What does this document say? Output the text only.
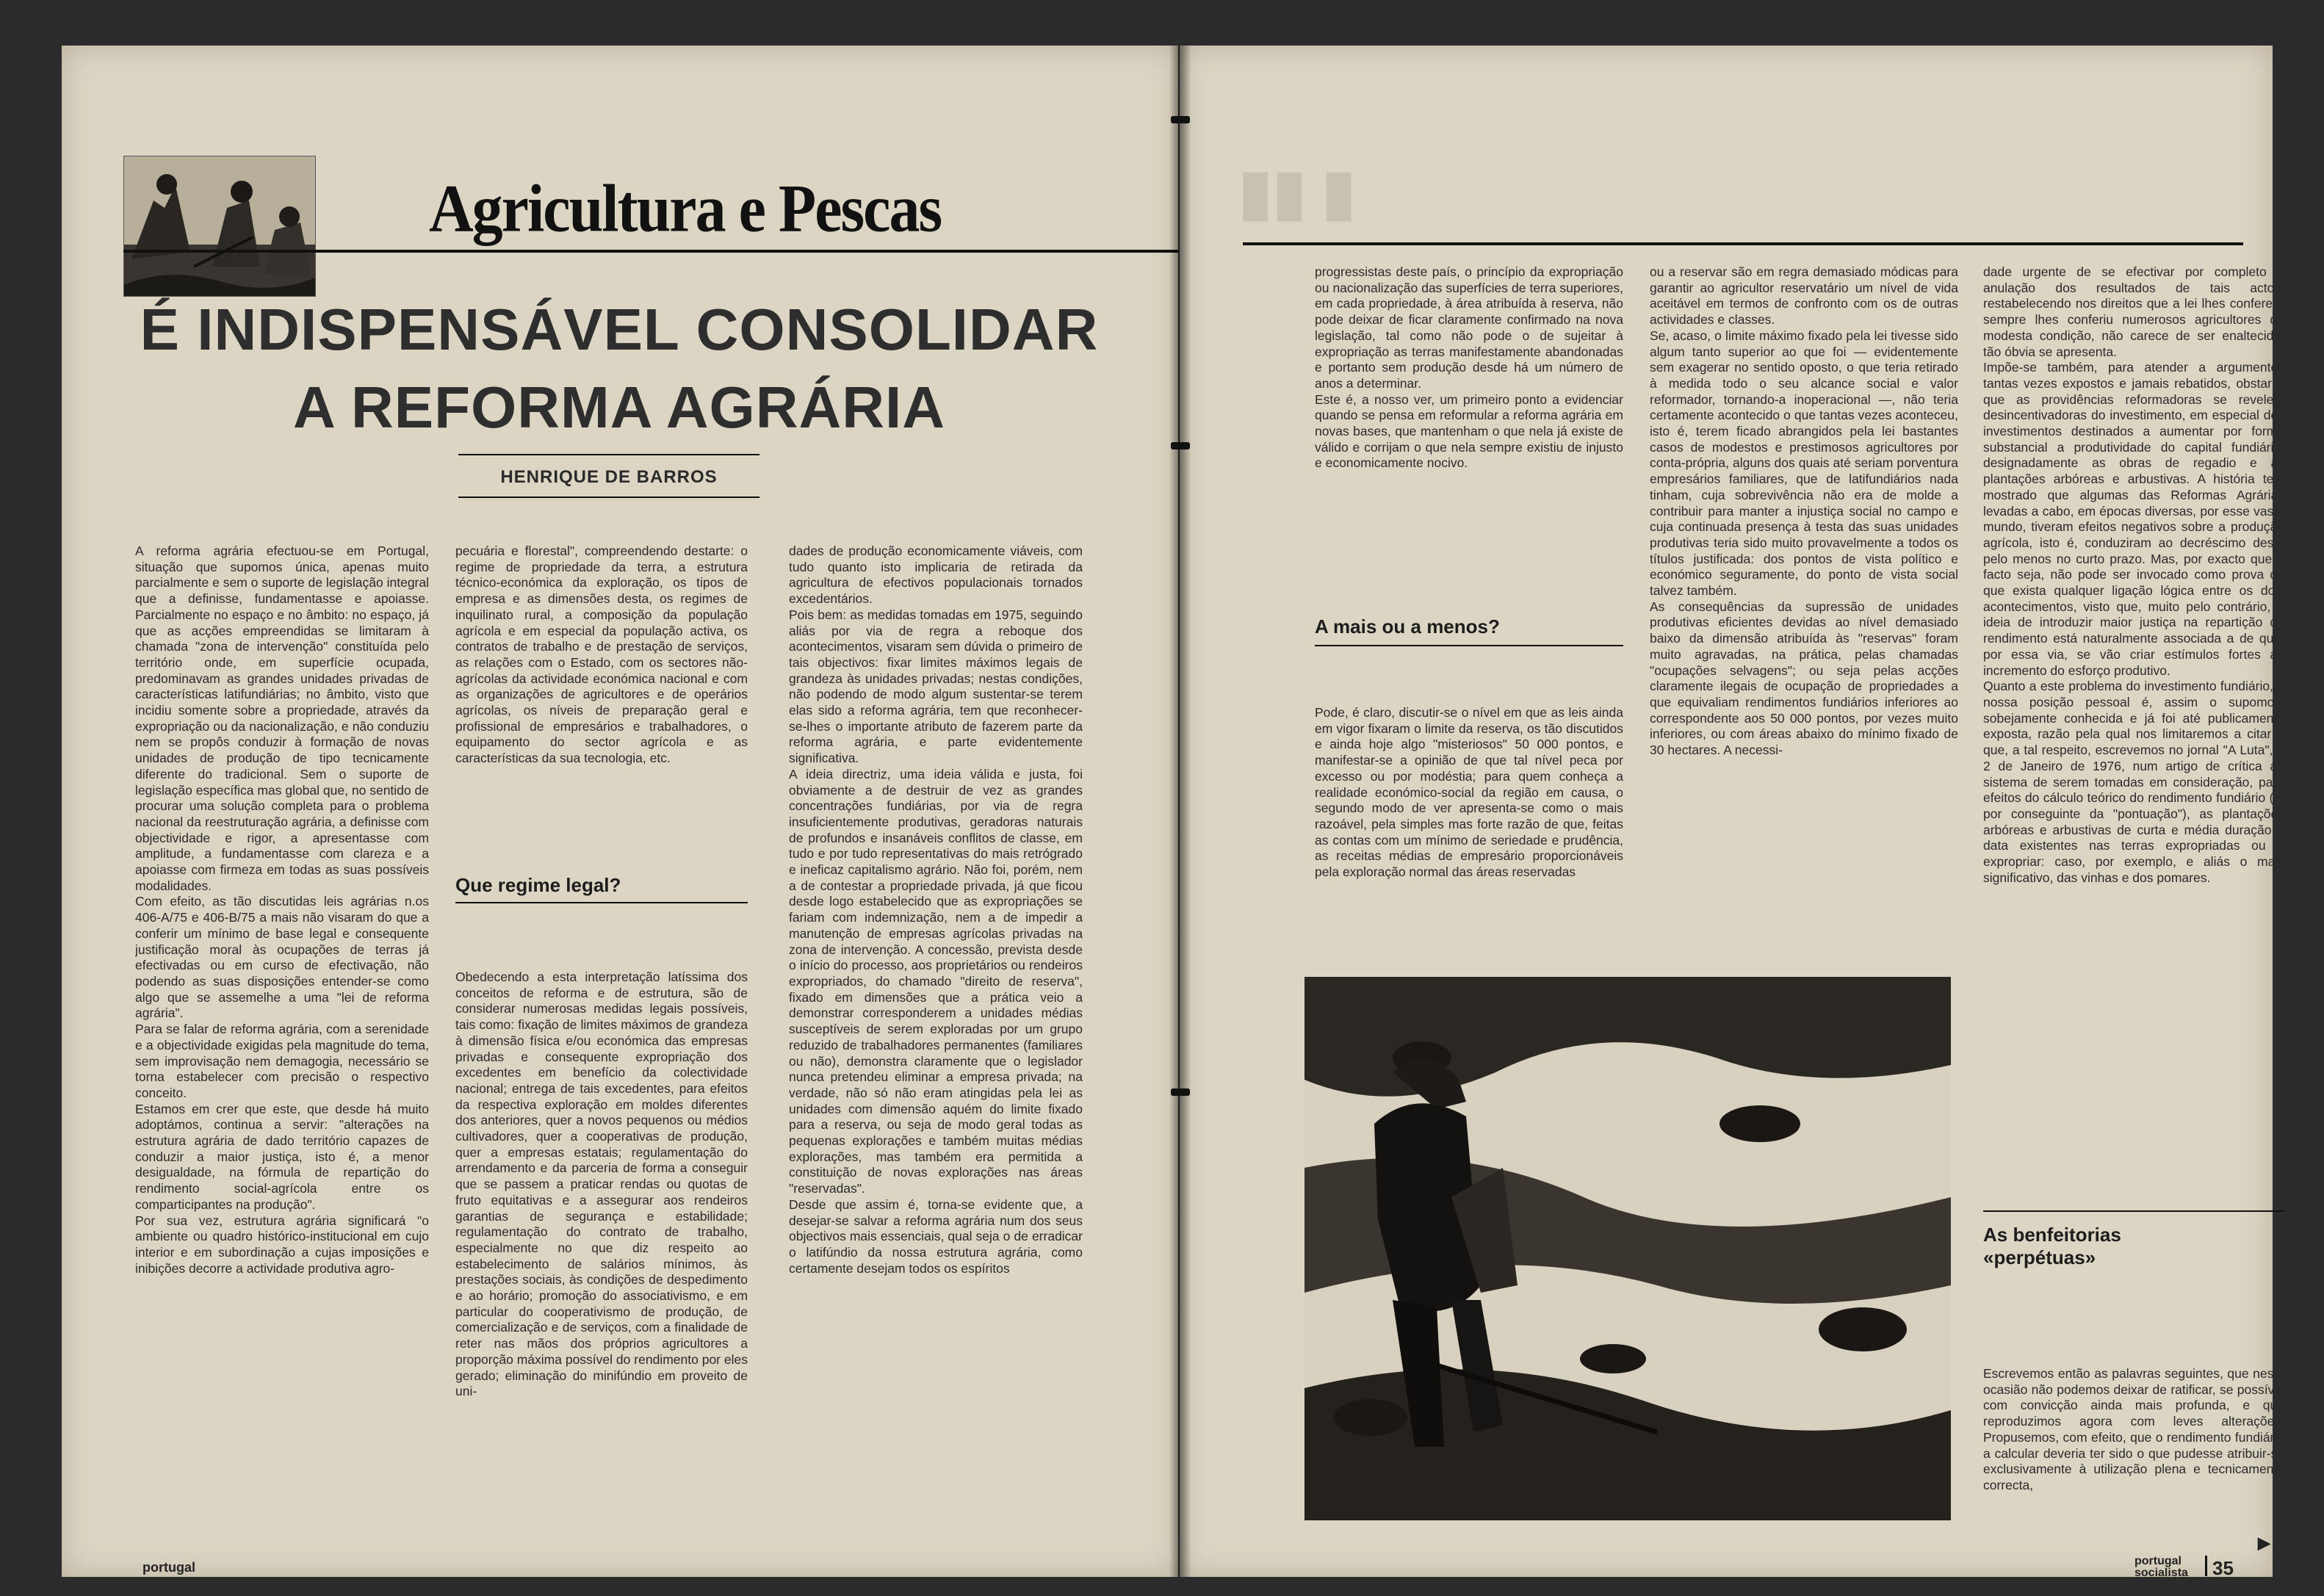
Agricultura e Pescas
É INDISPENSÁVEL CONSOLIDAR
A REFORMA AGRÁRIA
HENRIQUE DE BARROS
A reforma agrária efectuou-se em Portugal, situação que supomos única, apenas muito parcialmente e sem o suporte de legislação integral que a definisse, fundamentasse e apoiasse. Parcialmente no espaço e no âmbito: no espaço, já que as acções empreendidas se limitaram à chamada "zona de intervenção" constituída pelo território onde, em superfície ocupada, predominavam as grandes unidades privadas de características latifundiárias; no âmbito, visto que incidiu somente sobre a propriedade, através da expropriação ou da nacionalização, e não conduziu nem se propôs conduzir à formação de novas unidades de produção de tipo tecnicamente diferente do tradicional. Sem o suporte de legislação específica mas global que, no sentido de procurar uma solução completa para o problema nacional da reestruturação agrária, a definisse com objectividade e rigor, a apresentasse com amplitude, a fundamentasse com clareza e a apoiasse com firmeza em todas as suas possíveis modalidades.
Com efeito, as tão discutidas leis agrárias n.os 406-A/75 e 406-B/75 a mais não visaram do que a conferir um mínimo de base legal e consequente justificação moral às ocupações de terras já efectivadas ou em curso de efectivação, não podendo as suas disposições entender-se como algo que se assemelhe a uma "lei de reforma agrária".
Para se falar de reforma agrária, com a serenidade e a objectividade exigidas pela magnitude do tema, sem improvisação nem demagogia, necessário se torna estabelecer com precisão o respectivo conceito.
Estamos em crer que este, que desde há muito adoptámos, continua a servir: "alterações na estrutura agrária de dado território capazes de conduzir a maior justiça, isto é, a menor desigualdade, na fórmula de repartição do rendimento social-agrícola entre os comparticipantes na produção".
Por sua vez, estrutura agrária significará "o ambiente ou quadro histórico-institucional em cujo interior e em subordinação a cujas imposições e inibições decorre a actividade produtiva agro-
pecuária e florestal", compreendendo destarte: o regime de propriedade da terra, a estrutura técnico-económica da exploração, os tipos de empresa e as dimensões desta, os regimes de inquilinato rural, a composição da população agrícola e em especial da população activa, os contratos de trabalho e de prestação de serviços, as relações com o Estado, com os sectores não-agrícolas da actividade económica nacional e com as organizações de agricultores e de operários agrícolas, os níveis de preparação geral e profissional de empresários e trabalhadores, o equipamento do sector agrícola e as características da sua tecnologia, etc.
Que regime legal?
Obedecendo a esta interpretação latíssima dos conceitos de reforma e de estrutura, são de considerar numerosas medidas legais possíveis, tais como: fixação de limites máximos de grandeza à dimensão física e/ou económica das empresas privadas e consequente expropriação dos excedentes em benefício da colectividade nacional; entrega de tais excedentes, para efeitos da respectiva exploração em moldes diferentes dos anteriores, quer a novos pequenos ou médios cultivadores, quer a cooperativas de produção, quer a empresas estatais; regulamentação do arrendamento e da parceria de forma a conseguir que se passem a praticar rendas ou quotas de fruto equitativas e a assegurar aos rendeiros garantias de segurança e estabilidade; regulamentação do contrato de trabalho, especialmente no que diz respeito ao estabelecimento de salários mínimos, às prestações sociais, às condições de despedimento e ao horário; promoção do associativismo, e em particular do cooperativismo de produção, de comercialização e de serviços, com a finalidade de reter nas mãos dos próprios agricultores a proporção máxima possível do rendimento por eles gerado; eliminação do minifúndio em proveito de uni-
dades de produção economicamente viáveis, com tudo quanto isto implicaria de retirada da agricultura de efectivos populacionais tornados excedentários.
Pois bem: as medidas tomadas em 1975, seguindo aliás por via de regra a reboque dos acontecimentos, visaram sem dúvida o primeiro de tais objectivos: fixar limites máximos legais de grandeza às unidades privadas; nestas condições, não podendo de modo algum sustentar-se terem elas sido a reforma agrária, tem que reconhecer-se-lhes o importante atributo de fazerem parte da reforma agrária, e parte evidentemente significativa.
A ideia directriz, uma ideia válida e justa, foi obviamente a de destruir de vez as grandes concentrações fundiárias, por via de regra insuficientemente produtivas, geradoras naturais de profundos e insanáveis conflitos de classe, em tudo e por tudo representativas do mais retrógrado e ineficaz capitalismo agrário. Não foi, porém, nem a de contestar a propriedade privada, já que ficou desde logo estabelecido que as expropriações se fariam com indemnização, nem a de impedir a manutenção de empresas agrícolas privadas na zona de intervenção. A concessão, prevista desde o início do processo, aos proprietários ou rendeiros expropriados, do chamado "direito de reserva", fixado em dimensões que a prática veio a demonstrar corresponderem a unidades médias susceptíveis de serem exploradas por um grupo reduzido de trabalhadores permanentes (familiares ou não), demonstra claramente que o legislador nunca pretendeu eliminar a empresa privada; na verdade, não só não eram atingidas pela lei as unidades com dimensão aquém do limite fixado para a reserva, ou seja de modo geral todas as pequenas explorações e também muitas médias explorações, mas também era permitida a constituição de novas explorações nas áreas "reservadas".
Desde que assim é, torna-se evidente que, a desejar-se salvar a reforma agrária num dos seus objectivos mais essenciais, qual seja o de erradicar o latifúndio da nossa estrutura agrária, como certamente desejam todos os espíritos
portugal
▮▮ ▮
progressistas deste país, o princípio da expropriação ou nacionalização das superfícies de terra superiores, em cada propriedade, à área atribuída à reserva, não pode deixar de ficar claramente confirmado na nova legislação, tal como não pode o de sujeitar à expropriação as terras manifestamente abandonadas e portanto sem produção desde há um número de anos a determinar.
Este é, a nosso ver, um primeiro ponto a evidenciar quando se pensa em reformular a reforma agrária em novas bases, que mantenham o que nela já existe de válido e corrijam o que nela sempre existiu de injusto e economicamente nocivo.
A mais ou a menos?
Pode, é claro, discutir-se o nível em que as leis ainda em vigor fixaram o limite da reserva, os tão discutidos e ainda hoje algo "misteriosos" 50 000 pontos, e manifestar-se a opinião de que tal nível peca por excesso ou por modéstia; para quem conheça a realidade económico-social da região em causa, o segundo modo de ver apresenta-se como o mais razoável, pela simples mas forte razão de que, feitas as contas com um mínimo de seriedade e prudência, as receitas médias de empresário proporcionáveis pela exploração normal das áreas reservadas
ou a reservar são em regra demasiado módicas para garantir ao agricultor reservatário um nível de vida aceitável em termos de confronto com os de outras actividades e classes.
Se, acaso, o limite máximo fixado pela lei tivesse sido algum tanto superior ao que foi — evidentemente sem exagerar no sentido oposto, o que teria retirado à medida todo o seu alcance social e valor reformador, tornando-a inoperacional —, não teria certamente acontecido o que tantas vezes aconteceu, isto é, terem ficado abrangidos pela lei bastantes casos de modestos e prestimosos agricultores por conta-própria, alguns dos quais até seriam porventura empresários familiares, que de latifundiários nada tinham, cuja sobrevivência não era de molde a contribuir para manter a injustiça social no campo e cuja continuada presença à testa das suas unidades produtivas teria sido muito provavelmente a todos os títulos justificada: dos pontos de vista político e económico seguramente, do ponto de vista social talvez também.
As consequências da supressão de unidades produtivas eficientes devidas ao nível demasiado baixo da dimensão atribuída às "reservas" foram muito agravadas, na prática, pelas chamadas "ocupações selvagens"; ou seja pelas acções claramente ilegais de ocupação de propriedades a que equivaliam rendimentos fundiários inferiores ao correspondente aos 50 000 pontos, por vezes muito inferiores, ou com áreas abaixo do mínimo fixado de 30 hectares. A necessi-
dade urgente de se efectivar por completo a anulação dos resultados de tais actos, restabelecendo nos direitos que a lei lhes confere e sempre lhes conferiu numerosos agricultores de modesta condição, não carece de ser enaltecida, tão óbvia se apresenta.
Impõe-se também, para atender a argumentos tantas vezes expostos e jamais rebatidos, obstar a que as providências reformadoras se revelem desincentivadoras do investimento, em especial dos investimentos destinados a aumentar por forma substancial a produtividade do capital fundiário, designadamente as obras de regadio e as plantações arbóreas e arbustivas. A história tem mostrado que algumas das Reformas Agrárias levadas a cabo, em épocas diversas, por esse vasto mundo, tiveram efeitos negativos sobre a produção agrícola, isto é, conduziram ao decréscimo desta pelo menos no curto prazo. Mas, por exacto que o facto seja, não pode ser invocado como prova de que exista qualquer ligação lógica entre os dois acontecimentos, visto que, muito pelo contrário, à ideia de introduzir maior justiça na repartição do rendimento está naturalmente associada a de que, por essa via, se vão criar estímulos fortes ao incremento do esforço produtivo.
Quanto a este problema do investimento fundiário, a nossa posição pessoal é, assim o supomos, sobejamente conhecida e já foi até publicamente exposta, razão pela qual nos limitaremos a citar o que, a tal respeito, escrevemos no jornal "A Luta", a 2 de Janeiro de 1976, num artigo de crítica ao sistema de serem tomadas em consideração, para efeitos do cálculo teórico do rendimento fundiário (e, por conseguinte da "pontuação"), as plantações arbóreas e arbustivas de curta e média duração à data existentes nas terras expropriadas ou a expropriar: caso, por exemplo, e aliás o mais significativo, das vinhas e dos pomares.
As benfeitorias
«perpétuas»
Escrevemos então as palavras seguintes, que nesta ocasião não podemos deixar de ratificar, se possível com convicção ainda mais profunda, e que reproduzimos agora com leves alterações. Propusemos, com efeito, que o rendimento fundiário a calcular deveria ter sido o que pudesse atribuir-se exclusivamente à utilização plena e tecnicamente correcta,
▶
portugal
socialista 35
